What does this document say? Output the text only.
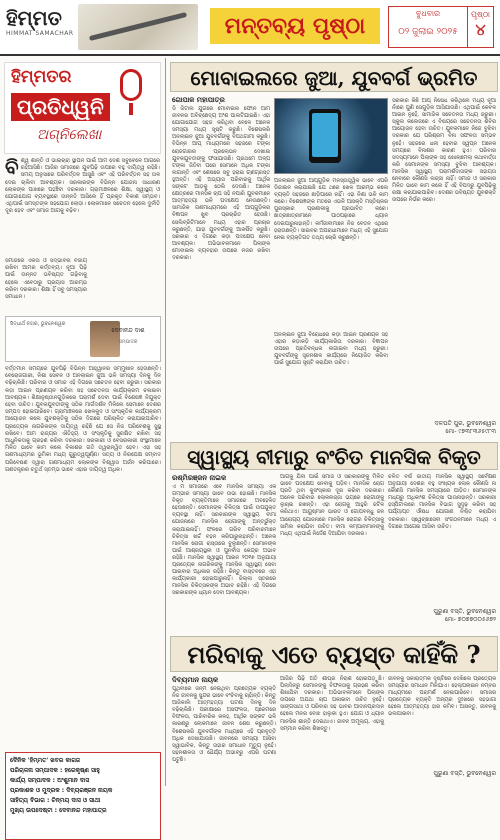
ହିମ୍ମତ
HIMMAT SAMACHAR	ମନ୍ତବ୍ୟ ପୃଷ୍ଠା	ବୁଧବାର
୦୨ ଜୁଲାଇ ୨୦୨୫
ପୃଷ୍ଠା
୪
ହିମ୍ମତର
ପ୍ରତିଧ୍ୱନି
ଅଗ୍ନିଲେଖା
ବି ଶ୍ୱ ଶାନ୍ତି ଓ ଭାଇଚାରା ସ୍ଥାପନ ପାଇଁ ଆମ ଦେଶ ସବୁବେଳେ ଆଗରେ ରହିଆସିଛି। ଆଜିର ସମାଜରେ ଯୁବପିଢ଼ି ଉପରେ ବହୁ ଦାୟିତ୍ୱ ରହିଛି। ସମୟ ଅନୁସାରେ ପରିବର୍ତ୍ତନ ଆସୁଛି ଏବଂ ଏହି ପରିବର୍ତ୍ତନ ସହ ତାଳ ଦେଇ ଚାଲିବା ଆବଶ୍ୟକ। ସରକାରଙ୍କ ବିଭିନ୍ନ ଯୋଜନା ସାଧାରଣ ଲୋକଙ୍କ ପାଖରେ ପହଞ୍ଚିବା ଦରକାର। ଗ୍ରାମାଞ୍ଚଳରେ ଶିକ୍ଷା, ସ୍ୱାସ୍ଥ୍ୟ ଓ ଯୋଗାଯୋଗ ବ୍ୟବସ୍ଥାରେ ଉନ୍ନତି ଆସିଲେ ହିଁ ପ୍ରକୃତ ବିକାଶ ସମ୍ଭବ। ଏଥିପାଇଁ ସମସ୍ତଙ୍କ ସହଯୋଗ ଲୋଡ଼ା। ଲୋକମାନେ ସଚେତନ ହେଲେ ଦୁର୍ନୀତି ଦୂର ହେବ ଏବଂ ସମାଜ ଆଗକୁ ବଢ଼ିବ।
ସମାଜରେ ଏକତା ଓ ସଦ୍ଭାବନା ବଜାୟ ରଖିବା ଆମର କର୍ତ୍ତବ୍ୟ। ନୂଆ ପିଢ଼ି ପାଇଁ ଉନ୍ନତ ଭବିଷ୍ୟତ ଗଢ଼ିବାକୁ ହେଲେ ଏବେଠାରୁ ପ୍ରୟାସ ଆରମ୍ଭ କରିବା ଦରକାର। ଶିକ୍ଷା ହିଁ ସବୁ ସମସ୍ୟାର ସମାଧାନ।
ସିଦ୍ଧାର୍ଥ ନଗର, ଭୁବନେଶ୍ୱର
ଦେବାନନ୍ଦ ଦାଶ
ସମ୍ପାଦକ
ବର୍ତ୍ତମାନ ସମୟରେ ଯୁବପିଢ଼ି ବିଭିନ୍ନ ଆହ୍ୱାନର ସମ୍ମୁଖୀନ ହେଉଛନ୍ତି। ବେରୋଜଗାରୀ, ନିଶା ସେବନ ଓ ଅନଲାଇନ ଜୁଆ ଭଳି ସମସ୍ୟା ଦିନକୁ ଦିନ ବଢ଼ିଚାଲିଛି। ପରିବାର ଓ ସମାଜ ଏହି ଦିଗରେ ସଚେତନ ହେବା ଜରୁରୀ। ସରକାର କଡ଼ା ଆଇନ ପ୍ରଣୟନ କରିବା ସହ ସଚେତନତା କାର୍ଯ୍ୟକ୍ରମ ଚଳାଇବା ଆବଶ୍ୟକ। ଶିକ୍ଷାନୁଷ୍ଠାନଗୁଡ଼ିକରେ ପରାମର୍ଶ ଦେବା ପାଇଁ ବିଶେଷଜ୍ଞ ନିଯୁକ୍ତ ହେବା ଉଚିତ। ଯୁବକଯୁବତୀଙ୍କୁ ସଠିକ ମାର୍ଗଦର୍ଶନ ମିଳିଲେ ସେମାନେ ଦେଶର ସମ୍ପଦ ହୋଇପାରିବେ। ଗ୍ରାମାଞ୍ଚଳରେ ଖେଳକୁଦ ଓ ସାଂସ୍କୃତିକ କାର୍ଯ୍ୟକ୍ରମ ଆୟୋଜନ କଲେ ଯୁବଶକ୍ତିକୁ ସଠିକ ଦିଗରେ ପରିଚାଳିତ କରାଯାଇପାରିବ। ପ୍ରତ୍ୟେକ ନାଗରିକଙ୍କ ଦାୟିତ୍ୱ ରହିଛି ଯେ ସେ ନିଜ ପରିବେଶକୁ ସୁସ୍ଥ ରଖିବେ। ଆମ ରାଜ୍ୟର ଐତିହ୍ୟ ଓ ସଂସ୍କୃତିକୁ ସୁରକ୍ଷିତ ରଖିବା ସହ ଆଧୁନିକତାକୁ ଗ୍ରହଣ କରିବା ଦରକାର। ସରକାରୀ ଓ ବେସରକାରୀ ସଂସ୍ଥାମାନେ ମିଳିତ ଭାବେ କାମ କଲେ ବିକାଶର ଗତି ତ୍ୱରାନ୍ୱିତ ହେବ। ଏହା ସହ ଗଣମାଧ୍ୟମର ଭୂମିକା ମଧ୍ୟ ଗୁରୁତ୍ୱପୂର୍ଣ୍ଣ। ସତ୍ୟ ଓ ନିରପେକ୍ଷ ସମ୍ବାଦ ପରିବେଷଣ ଦ୍ୱାରା ଗଣମାଧ୍ୟମ ଲୋକଙ୍କ ବିଶ୍ୱାସ ଅର୍ଜନ କରିପାରେ। ଗଣତନ୍ତ୍ରର ଚତୁର୍ଥ ସ୍ତମ୍ଭ ଭାବେ ଏହାର ଦାୟିତ୍ୱ ଅଧିକ।
ଦୈନିକ 'ହିମ୍ମତ' ଖବର କାଗଜ
ପରିଚାଳନା ସମ୍ପାଦକ : ହରେକୃଷ୍ଣ ସାହୁ
କାର୍ଯ୍ୟ ସମ୍ପାଦକ : ଅଂଶୁମାନ ଦାସ
ପ୍ରକାଶକ ଓ ମୁଦ୍ରକ : ଦିବ୍ୟରଞ୍ଜନ ନାୟକ
ସାହିତ୍ୟ ବିଭାଗ : ଚିନ୍ମୟ ଦାସ ଓ ସାଥୀ
ମୁଖ୍ୟ ଉପଦେଷ୍ଟା : ଦେବାନନ୍ଦ ମହାପାତ୍ର
ମୋବାଇଲରେ ଜୁଆ, ଯୁବବର୍ଗ ଭ୍ରମିତ
ଗୋପାଳ ମହାପାତ୍ର
ଡି ଜିଟାଲ ଯୁଗରେ ମୋବାଇଲ ଫୋନ ଆମ ଜୀବନର ଅବିଚ୍ଛେଦ୍ୟ ଅଂଶ ପାଲଟିଯାଇଛି। ଏହା ଯୋଗାଯୋଗ ସହଜ କରିଥିବା ବେଳେ ଅନେକ ସମସ୍ୟା ମଧ୍ୟ ସୃଷ୍ଟି କରୁଛି। ବିଶେଷକରି ଅନଲାଇନ ଜୁଆ ଯୁବବର୍ଗଙ୍କୁ ବିପଥଗାମୀ କରୁଛି। ବିଭିନ୍ନ ଆପ୍ ମାଧ୍ୟମରେ ସହଜରେ ଟଙ୍କା ରୋଜଗାରର ପ୍ରଲୋଭନ ଦେଖାଇ ଯୁବକଯୁବତୀଙ୍କୁ ଫସାଯାଉଛି। ପ୍ରଥମେ ଅଳ୍ପ ଟଙ୍କା ଜିତିବା ପରେ ସେମାନେ ଅଧିକ ଟଙ୍କା ଲଗାନ୍ତି ଏବଂ ଶେଷରେ ସବୁ ହରାଇ ଋଣଗ୍ରସ୍ତ ହୁଅନ୍ତି। ଏହି ଅଭ୍ୟାସ ପରିବାରକୁ ଆର୍ଥିକ ସଙ୍କଟ ଆଡ଼କୁ ଠେଲି ଦେଉଛି। ଅନେକ କ୍ଷେତ୍ରରେ ମାନସିକ ଚାପ ସହି ନପାରି ଯୁବକମାନେ ଆତ୍ମହତ୍ୟା ଭଳି ପଦକ୍ଷେପ ନେଉଛନ୍ତି। ସାମାଜିକ ଗଣମାଧ୍ୟମରେ ଏହି ଆପ୍‌ଗୁଡ଼ିକର ବିଜ୍ଞାପନ ଖୁବ ପ୍ରଚାରିତ ହେଉଛି। ସେଲିବ୍ରିଟିମାନେ ମଧ୍ୟ ଏହାର ପ୍ରଚାର କରୁଛନ୍ତି, ଯାହା ଯୁବବର୍ଗଙ୍କୁ ଆକର୍ଷିତ କରୁଛି। ସରକାର ଏ ଦିଗରେ କଡ଼ା ପଦକ୍ଷେପ ନେବା ଆବଶ୍ୟକ। ଅଭିଭାବକମାନେ ପିଲାଙ୍କ ମୋବାଇଲ ବ୍ୟବହାର ଉପରେ ନଜର ରଖିବା ଦରକାର।
ଅନଲାଇନ ଜୁଆ ଆପ୍‌ଗୁଡ଼ିକ ମନସ୍ତାତ୍ତ୍ୱିକ ଭାବେ ଏପରି ଡିଜାଇନ କରାଯାଇଛି ଯେ ଥରେ ଖେଳ ଆରମ୍ଭ କଲେ ବ୍ୟକ୍ତି ସହଜରେ ଛାଡ଼ିପାରେ ନାହିଁ। ଏହା ନିଶା ଭଳି କାମ କରେ। ବିଶେଷଜ୍ଞଙ୍କ ମତରେ ଏଭଳି ଆସକ୍ତି ମସ୍ତିଷ୍କର ପୁରସ୍କାର ପ୍ରଣାଳୀକୁ ପ୍ରଭାବିତ କରେ। ଛାତ୍ରଛାତ୍ରୀମାନେ ପାଠପଢ଼ାରେ ଧ୍ୟାନ ଦେଇପାରୁନାହାନ୍ତି। କର୍ମଜୀବୀମାନେ ନିଜ ବେତନ ଏଥିରେ ହରାଉଛନ୍ତି। ସାଇବର ଅପରାଧୀମାନେ ମଧ୍ୟ ଏହି ସୁଯୋଗ ନେଇ ବ୍ୟକ୍ତିଗତ ତଥ୍ୟ ଚୋରି କରୁଛନ୍ତି।
ଅନଲାଇନ ଜୁଆ ବିରୋଧରେ କଡ଼ା ଆଇନ ପ୍ରଣୟନ ସହ ଏହାର କଡ଼ାକଡ଼ି କାର୍ଯ୍ୟକାରିତା ଦରକାର। ବିଜ୍ଞାପନ ଉପରେ ପ୍ରତିବନ୍ଧକ ଲଗାଇବା ମଧ୍ୟ ଜରୁରୀ। ଯୁବବର୍ଗଙ୍କୁ ସୃଜନଶୀଳ କାର୍ଯ୍ୟରେ ନିୟୋଜିତ କରିବା ପାଇଁ ସୁଯୋଗ ସୃଷ୍ଟି କରାଯିବା ଉଚିତ।
ସରକାର କିଛି ଆପ୍ ନିଷେଧ କରିଥିଲେ ମଧ୍ୟ ନୂଆ ନାଁରେ ପୁଣି ସେଗୁଡ଼ିକ ଆସିଯାଉଛି। ଏଥିପାଇଁ କେବଳ ଆଇନ ନୁହେଁ, ସାମାଜିକ ସଚେତନତା ମଧ୍ୟ ଜରୁରୀ। ସ୍କୁଲ କଲେଜରେ ଏ ବିଷୟରେ ସଚେତନତା ଶିବିର ଆୟୋଜନ ହେବା ଉଚିତ। ଯୁବକମାନେ ନିଜେ ବୁଝିବା ଦରକାର ଯେ ପରିଶ୍ରମ ବିନା ସଫଳତା ସମ୍ଭବ ନୁହେଁ। ସହଜରେ ଧନୀ ହେବାର ସ୍ୱପ୍ନ ଅନେକ ସମୟରେ ବିନାଶର କାରଣ ହୁଏ। ପରିବାର ସଦସ୍ୟମାନେ ପିଲାଙ୍କ ସହ ଖୋଲାମେଲା କଥାବାର୍ତ୍ତା କରି ସେମାନଙ୍କ ସମସ୍ୟା ବୁଝିବା ଆବଶ୍ୟକ। ମାନସିକ ସ୍ୱାସ୍ଥ୍ୟ ପରାମର୍ଶଦାତାଙ୍କ ସହାୟତା ନେବାରେ କୌଣସି ଲଜ୍ଜା ନାହିଁ। ସମାଜ ଓ ସରକାର ମିଳିତ ଭାବେ କାମ କଲେ ହିଁ ଏହି ବିପଦରୁ ଯୁବପିଢ଼ିକୁ ରକ୍ଷା କରାଯାଇପାରିବ। ଦେଶର ଭବିଷ୍ୟତ ଯୁବଶକ୍ତି ଉପରେ ନିର୍ଭର କରେ।
ଦଳପତି ପୁର, ଭୁବନେଶ୍ୱର
ମୋ- ୯୭୩୮୩୬୫୯୮୩
ସ୍ୱାସ୍ଥ୍ୟ ବୀମାରୁ ବଂଚିତ ମାନସିକ ବିକୃତ
ରଶ୍ମିରଞ୍ଜନ ନାଇକ
ଏ ମ ସମାଜରେ ଏବେ ମାନସିକ ସମସ୍ୟା ଏକ ଗମ୍ଭୀର ସମସ୍ୟା ଭାବେ ଉଭା ହୋଇଛି। ମାନସିକ ବିକୃତ ବ୍ୟକ୍ତିମାନେ ସମାଜରେ ଅବହେଳିତ ହେଉଛନ୍ତି। ସେମାନଙ୍କ ଚିକିତ୍ସା ପାଇଁ ଉପଯୁକ୍ତ ବ୍ୟବସ୍ଥା ନାହିଁ। ସରକାରଙ୍କ ସ୍ୱାସ୍ଥ୍ୟ ବୀମା ଯୋଜନାରେ ମାନସିକ ରୋଗୀଙ୍କୁ ଅନ୍ତର୍ଭୁକ୍ତ କରାଯାଇନାହିଁ। ଫଳରେ ଗରିବ ପରିବାରମାନେ ଚିକିତ୍ସା ଖର୍ଚ୍ଚ ବହନ କରିପାରୁନାହାନ୍ତି। ଅନେକ ମାନସିକ ରୋଗୀ ରାସ୍ତାରେ ବୁଲୁଛନ୍ତି। ସେମାନଙ୍କ ପାଇଁ ଆଶ୍ରୟସ୍ଥଳୀ ଓ ପୁନର୍ବାସ କେନ୍ଦ୍ର ଅଭାବ ରହିଛି। ମାନସିକ ସ୍ୱାସ୍ଥ୍ୟ ଆଇନ ୨୦୧୭ ଅନୁଯାୟୀ ପ୍ରତ୍ୟେକ ନାଗରିକଙ୍କୁ ମାନସିକ ସ୍ୱାସ୍ଥ୍ୟ ସେବା ପାଇବାର ଅଧିକାର ରହିଛି। କିନ୍ତୁ ବାସ୍ତବରେ ଏହା କାର୍ଯ୍ୟକାରୀ ହୋଇପାରୁନାହିଁ। ଜିଲ୍ଲା ସ୍ତରରେ ମାନସିକ ଚିକିତ୍ସକଙ୍କ ଅଭାବ ରହିଛି। ଏହି ଦିଗରେ ସରକାରଙ୍କ ଧ୍ୟାନ ଦେବା ଆବଶ୍ୟକ।
ଆଗକୁ ଯିବା ପାଇଁ ସମାଜ ଓ ସରକାରଙ୍କୁ ମିଳିତ ଭାବେ ପଦକ୍ଷେପ ନେବାକୁ ପଡ଼ିବ। ମାନସିକ ରୋଗ ପ୍ରତି ଥିବା କୁସଂସ୍କାର ଦୂର କରିବା ଦରକାର। ଅନେକ ପରିବାର ଲୋକଲଜ୍ଜା ଭୟରେ ରୋଗୀଙ୍କୁ ଲୁଚାଇ ରଖନ୍ତି। ଏହା ରୋଗକୁ ଆହୁରି ଜଟିଳ କରିଥାଏ। ଆୟୁଷ୍ମାନ ଭାରତ ଓ ଗୋପବନ୍ଧୁ ଜନ ଆରୋଗ୍ୟ ଯୋଜନାରେ ମାନସିକ ରୋଗର ଚିକିତ୍ସାକୁ ସାମିଲ କରାଯିବା ଉଚିତ। ବୀମା କମ୍ପାନୀମାନଙ୍କୁ ମଧ୍ୟ ଏଥିପାଇଁ ନିର୍ଦ୍ଦେଶ ଦିଆଯିବା ଦରକାର।
ଚଳିତ ବର୍ଷ ଜାତୀୟ ମାନସିକ ସ୍ୱାସ୍ଥ୍ୟ ସର୍ବେକ୍ଷଣ ଅନୁଯାୟୀ ଦେଶର ବହୁ ସଂଖ୍ୟକ ଲୋକ କୌଣସି ନା କୌଣସି ମାନସିକ ସମସ୍ୟାରେ ପୀଡ଼ିତ। ସେମାନଙ୍କ ମଧ୍ୟରୁ ଅଧିକାଂଶ ଚିକିତ୍ସା ପାଉନାହାନ୍ତି। ସରକାରୀ ହସ୍ପିଟାଲରେ ମାନସିକ ବିଭାଗ ସୁଦୃଢ଼ କରିବା ସହ ପର୍ଯ୍ୟାପ୍ତ ଔଷଧ ଯୋଗାଣ ନିଶ୍ଚିତ କରାଯିବା ଦରକାର। ସ୍ୱେଚ୍ଛାସେବୀ ସଂଗଠନମାନେ ମଧ୍ୟ ଏ ଦିଗରେ ଆଗେଇ ଆସିବା ଉଚିତ।
ପୁରୁଣା ବସ୍ତି, ଭୁବନେଶ୍ୱର
ମୋ- ୭୦୭୭୦୦୫୬୭୨
ମରିବାକୁ ଏତେ ବ୍ୟସ୍ତ କାହିଁକି ?
ଦିବ୍ୟମାନ ନାୟକ
ପୃଥିବୀରେ ଜନ୍ମ ନେଇଥିବା ପ୍ରତ୍ୟେକ ବ୍ୟକ୍ତି ନିଜ ଜୀବନକୁ ସୁନ୍ଦର ଭାବେ ବଂଚିବାକୁ ଚାହାଁନ୍ତି। କିନ୍ତୁ ଆଜିକାଲି ଆତ୍ମହତ୍ୟା ଘଟଣା ଦିନକୁ ଦିନ ବଢ଼ିଚାଲିଛି। ପରୀକ୍ଷାରେ ଅସଫଳତା, ପ୍ରେମରେ ବିଫଳତା, ପାରିବାରିକ କଳହ, ଆର୍ଥିକ ସଙ୍କଟ ଭଳି କାରଣରୁ ଲୋକମାନେ ଜୀବନ ଶେଷ କରୁଛନ୍ତି। ବିଶେଷକରି ଯୁବବର୍ଗଙ୍କ ମଧ୍ୟରେ ଏହି ପ୍ରବୃତ୍ତି ଅଧିକ ଦେଖାଯାଉଛି। ଜୀବନରେ ସମସ୍ୟା ଆସିବା ସ୍ୱାଭାବିକ, କିନ୍ତୁ ତାହାର ସମାଧାନ ମୃତ୍ୟୁ ନୁହେଁ। ସହନଶୀଳତା ଓ ଧୈର୍ଯ୍ୟ ଅଭାବରୁ ଏପରି ଘଟଣା ଘଟୁଛି।
ଆଜିର ପିଢ଼ି ଅତି ଶୀଘ୍ର ନିରାଶ ହୋଇପଡ଼ୁଛି। ପିଲାଦିନରୁ ସେମାନଙ୍କୁ ବିଫଳତାକୁ ଗ୍ରହଣ କରିବା ଶିଖାଯିବା ଦରକାର। ଅଭିଭାବକମାନେ ପିଲାଙ୍କ ଉପରେ ଅଯଥା ଚାପ ପକାଇବା ଉଚିତ ନୁହେଁ। ସାଙ୍ଗସାଥୀ ଓ ପରିବାର ସହ ଭାବର ଆଦାନପ୍ରଦାନ ହେଲେ ମନର ବୋଝ ହାଲୁକା ହୁଏ। ଯୋଗ ଓ ଧ୍ୟାନ ମାନସିକ ଶାନ୍ତି ଦେଇଥାଏ। ଜୀବନ ଅମୂଲ୍ୟ, ଏହାକୁ ସମ୍ମାନ କରିବା ଶିଖନ୍ତୁ।
ଜୀବନକୁ ସକାରାତ୍ମକ ଦୃଷ୍ଟିରେ ଦେଖିଲେ ପ୍ରତ୍ୟେକ ସମସ୍ୟାର ସମାଧାନ ମିଳିଯାଏ। ହେଲ୍ପଲାଇନ ନମ୍ବର ମାଧ୍ୟମରେ ପରାମର୍ଶ ନେଇପାରିବେ। ସମାଜର ପ୍ରତ୍ୟେକ ବ୍ୟକ୍ତି ଅନ୍ୟର ଦୁଃଖରେ ସହଭାଗୀ ହେଲେ ଆତ୍ମହତ୍ୟା ହାର କମିବ। ଆସନ୍ତୁ, ଜୀବନକୁ ଭଲପାଇବା।
ପୁରୁଣା ବସ୍ତି, ଭୁବନେଶ୍ୱର
